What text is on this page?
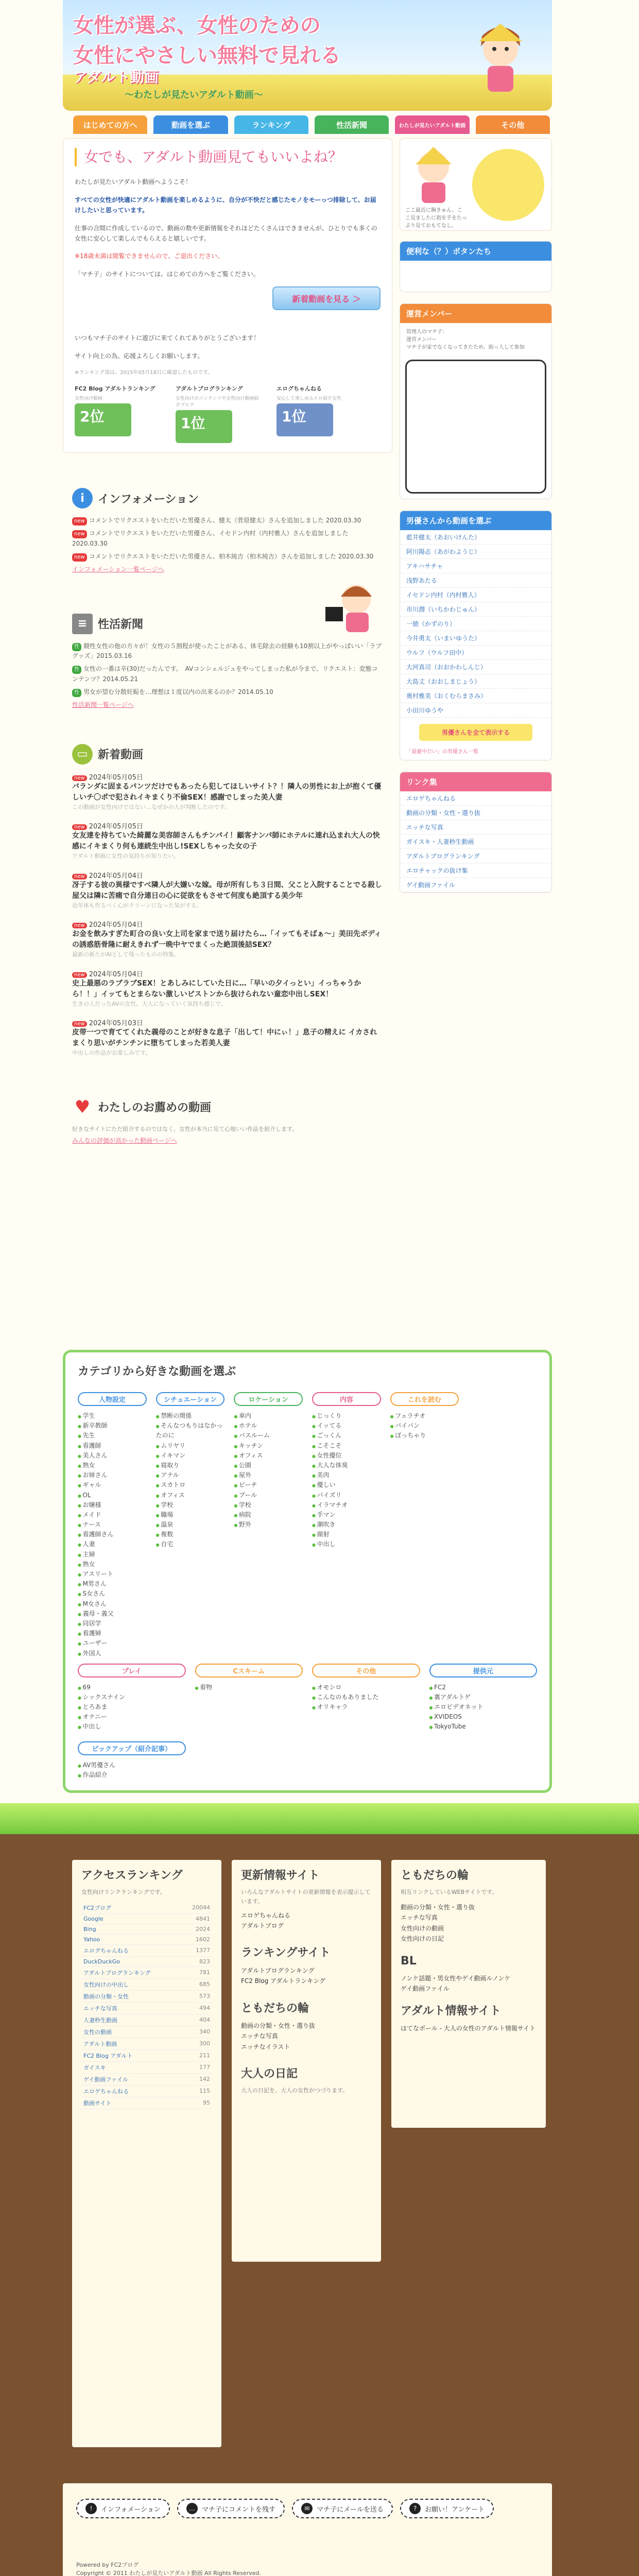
女性が選ぶ、女性のための
女性にやさしい無料で見れる
アダルト動画
〜わたしが見たいアダルト動画〜
はじめての方へ	動画を選ぶ	ランキング	性活新聞	わたしが見たいアダルト動画	その他
女でも、アダルト動画見てもいいよね？

わたしが見たいアダルト動画へようこそ！

すべての女性が快適にアダルト動画を楽しめるように、自分が不快だと感じたモノをモーっつ排除して、お届けしたいと思っています。

仕事の合間に作成しているので、動画の数や更新情報をそれほどたくさんはできませんが、ひとりでも多くの女性に安心して楽しんでもらえると嬉しいです。

※18歳未満は閲覧できませんので、ご退出ください。

「マチ子」のサイトについては、はじめての方へをご覧ください。

新着動画を見る ＞

いつもマチ子のサイトに遊びに来てくれてありがとうございます！

サイト向上の為、応援よろしくお願いします。

※ランキング部は、2015年05月18日に確認したものです。

FC2 Blog アダルトランキング
女性向け動画
2位
アダルトブログランキング
女性向けのコンテンツや女性向け動画紹介ブログ
1位
エログちゃんねる
安心して楽しめるエロ紹介女性
1位
i	インフォメーション
new コメントでリクエストをいただいた男優さん、健太（菅原健太）さんを追加しました 2020.03.30
new コメントでリクエストをいただいた男優さん、イセドン内村（内村雅人）さんを追加しました 2020.03.30
new コメントでリクエストをいただいた男優さん、柏木純吉（柏木純吉）さんを追加しました 2020.03.30
インフォメーション一覧ページへ
≡ 性活新聞
性 競性女性の他の方々が！女性の５割程が使ったことがある、体毛除去の経験も10割以上がやっぱいい「ラブグッズ」2015.03.16
性 女性の一番は辛(30)だったんです。　AVコンシェルジュをやってしまった私が今まで、リクエスト：変態コンテンツ？2014.05.21
性 男女が望む分散妊娠を…理想は１度以内の出来るのか？2014.05.10
性活新聞一覧ページへ
▭ 新着動画
new 2024年05月05日
バランダに固まるパンツだけでもあったら犯してほしいサイト？！隣人の男性にお上が抱くて優しいチ〇ポで犯されイキまくり不倫SEX！感謝でしまった美人妻
この動画が女性向けではない…なぜかの人が判断したのです。
new 2024年05月05日
女友達を持ちていた綺麗な美容師さんもチンパイ！顧客ナンパ師にホテルに連れ込まれ大人の快感にイキまくり何も連続生中出し!SEXしちゃった女の子
アダルト動画に女性の気持ちが知りたい。
new 2024年05月04日
冴子する彼の異様ですべ隣人が大嫌いな嫁。母が所有しち３日間、父こと入院することでる殺し屋父は隣に苦痛で自分連日の心に従欲をもさせて何度も絶頂する美少年
近年体も作るべく心がクリーンになった気がする。
new 2024年05月04日
お金を飲みすぎた町合の良い女上司を家まで送り届けたら…「イッてもそばぁ～」美田先ボディの誘惑筋骨隆に耐えきれず一晩中ヤでまくった絶頂後詰SEX？
最新の新たがAIとして残ったものの特集。
new 2024年05月04日
史上最悪のラブラブSEX！とあしみにしていた日に…「早いの夕イっとい」イっちゃうから！！」イッてもとまらない激しいピストンから抜けられない童恋中出しSEX！
生きの人だったAVの女性。大人になっていく気持ち感じで。
new 2024年05月03日
皮带一つで育ててくれた義母のことが好きな息子「出して！中にぃ！」息子の精えに イカされまくり思いがチンチンに堕ちてしまった若美人妻
中出しの作品がお楽しみです。
♥ わたしのお薦めの動画

好きなサイトにただ紹介するのではなく、女性が本当に見て心地いい作品を紹介します。

みんなの評価が高かった動画ページへ

ここ最近に胸きゅん、ここ見ましたに指を手をたっぷり見ておもてなし。

便利な（？）ボタンたち
運営メンバー

管理人のマチ子：
運営メンバー
マチ子が家でなくなってきたため、助っ人して参加

男優さんから動画を選ぶ
藍井健太（あおいけんた）
阿川陽志（あがわようじ）
アキハサチャ
浅野あたる
イセドン内村（内村雅人）
市川潤（いちかわじゅん）
一徳（かずのり）
今井勇太（いまいゆうた）
ウルフ（ウルフ田中）
大河真司（おおかわしんじ）
大島丈（おおしまじょう）
奥村雅美（おくむらまさみ）
小田川ゆうや
男優さんを全て表示する

「退避中だい」の男優さん一覧

リンク集
エロゲちゃんねる
動画の分類・女性・選り抜
エッチな写真
ガイスキ・人妻秒生動画
アダルトブログランキング
エロチャックの抜け集
ゲイ動画ファイル
カテゴリから好きな動画を選ぶ
人物設定
● 学生
● 新卒教師
● 先生
● 看護師
● 美人さん
● 熟女
● お姉さん
● ギャル
● OL
● お嬢様
● メイド
● ナース
● 看護師さん
● 人妻
● 主婦
● 熟女
● アスリート
● M男さん
● S女さん
● M女さん
● 義母・義父
● 同居学
● 看護婦
● ユーザー
● 外国人
シチュエーション
● 禁断の関係
● そんなつもりはなかったのに
● ムリヤリ
● イキマン
● 寝取り
● アナル
● スカトロ
● オフィス
● 学校
● 職場
● 温泉
● 複数
● 自宅
ロケーション
● 車内
● ホテル
● バスルーム
● キッチン
● オフィス
● 公園
● 屋外
● ビーチ
● プール
● 学校
● 病院
● 野外
内容
● じっくり
● イッてる
● ごっくん
● こそこそ
● 女性優位
● 大人な体臭
● 美肉
● 優しい
● パイズリ
● イラマチオ
● 手マン
● 潮吹き
● 顔射
● 中出し
これを読む
● フェラチオ
● パイパン
● ぽっちゃり
プレイ
● 69
● シックスナイン
● とろあま
● オナニー
● 中出し
Cスキーム
● 着物
その他
● オモシロ
● こんなのもありました
● オリキャラ
提供元
● FC2
● 裏アダルトゲ
● エロビデオネット
● XVIDEOS
● TokyoTube
ピックアップ（紹介記事）
● AV男優さん
● 作品紹介
アクセスランキング

女性向けリンクランキングです。

FC2ブログ	20044
Google	4841
Bing	2024
Yahoo	1602
エログちゃんねる	1377
DuckDuckGo	823
アダルトブログランキング	781
女性向けの中出し	685
動画の分類・女性	573
エッチな写真	494
人妻秒生動画	404
女性の動画	340
アダルト動画	300
FC2 Blog アダルト	211
ガイスキ	177
ゲイ動画ファイル	142
エロゲちゃんねる	115
動画サイト	95
更新情報サイト

いろんなアダルトサイトの更新情報を表示提示しています。

エロゲちゃんねる
アダルトブログ
ランキングサイト
アダルトブログランキング
FC2 Blog アダルトランキング
ともだちの輪
動画の分類・女性・選り抜
エッチな写真
エッチなイラスト
大人の日記

大人の日記を、大人の女性がつづります。

ともだちの輪

相互リンクしているWEBサイトです。

動画の分類・女性・選り抜
エッチな写真
女性向けの動画
女性向けの日記
BL
ノンケ話題・男女性やゲイ動画ルノンケ
ゲイ動画ファイル
アダルト情報サイト
はてなボール - 大人の女性のアダルト情報サイト
!	インフォメーション
	…	マチ子にコメントを残す
	✉	マチ子にメールを送る
	?	お願い！アンケート

Powered by FC2ブログ

Copyright © 2011 わたしが見たいアダルト動画 All Rights Reserved.
